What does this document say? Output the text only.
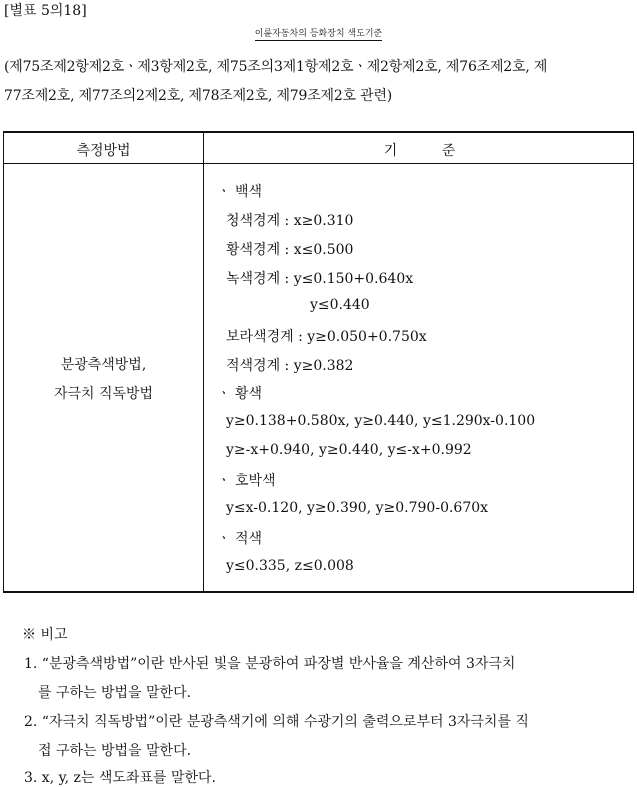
[별표 5의18]
이륜자동차의 등화장치 색도기준
(제75조제2항제2호ㆍ제3항제2호, 제75조의3제1항제2호ㆍ제2항제2호, 제76조제2호, 제
77조제2호, 제77조의2제2호, 제78조제2호, 제79조제2호 관련)
측정방법	기          준
분광측색방법,
자극치 직독방법
ㆍ 백색
청색경계 : x≥0.310
황색경계 : x≤0.500
녹색경계 : y≤0.150+0.640x
y≤0.440
보라색경계 : y≥0.050+0.750x
적색경계 : y≥0.382
ㆍ 황색
y≥0.138+0.580x, y≥0.440, y≤1.290x-0.100
y≥-x+0.940, y≥0.440, y≤-x+0.992
ㆍ 호박색
y≤x-0.120, y≥0.390, y≥0.790-0.670x
ㆍ 적색
y≤0.335, z≤0.008
※ 비고
1. “분광측색방법”이란 반사된 빛을 분광하여 파장별 반사율을 계산하여 3자극치
를 구하는 방법을 말한다.
2. “자극치 직독방법”이란 분광측색기에 의해 수광기의 출력으로부터 3자극치를 직
접 구하는 방법을 말한다.
3. x, y, z는 색도좌표를 말한다.
